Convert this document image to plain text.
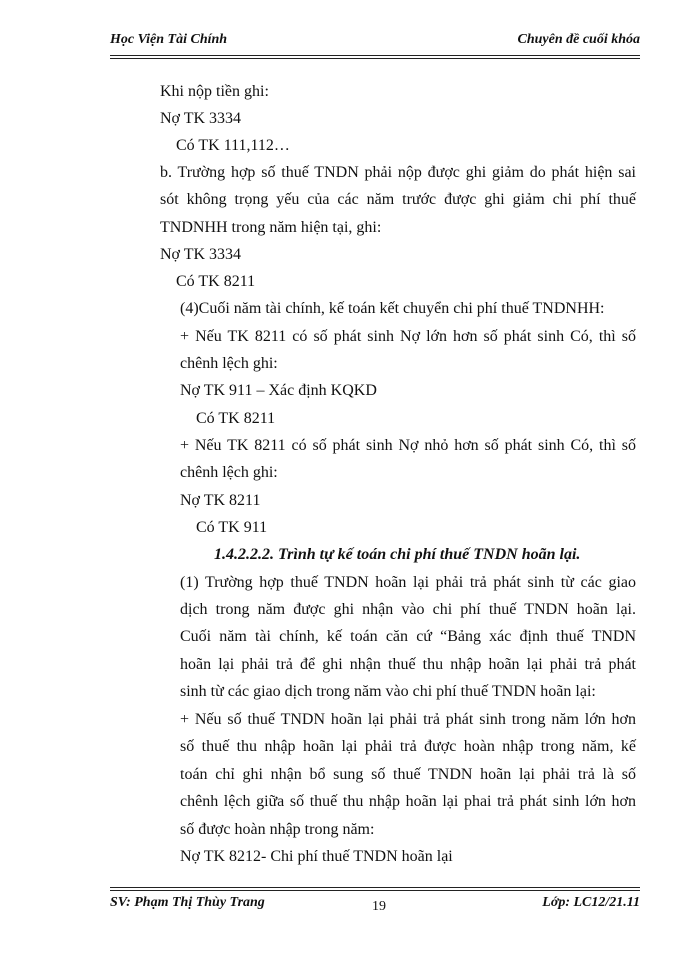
Học Viện Tài Chính	Chuyên đề cuối khóa
Khi nộp tiền ghi:
Nợ TK 3334
Có TK 111,112…
b. Trường hợp số thuế TNDN phải nộp được ghi giảm do phát hiện sai
sót không trọng yếu của các năm trước được ghi giảm chi phí thuế
TNDNHH trong năm hiện tại, ghi:
Nợ TK 3334
Có TK 8211
(4)Cuối năm tài chính, kế toán kết chuyển chi phí thuế TNDNHH:
+ Nếu TK 8211 có số phát sinh Nợ lớn hơn số phát sinh Có, thì số
chênh lệch ghi:
Nợ TK 911 – Xác định KQKD
Có TK 8211
+ Nếu TK 8211 có số phát sinh Nợ nhỏ hơn số phát sinh Có, thì số
chênh lệch ghi:
Nợ TK 8211
Có TK 911
1.4.2.2.2. Trình tự kế toán chi phí thuế TNDN hoãn lại.
(1) Trường hợp thuế TNDN hoãn lại phải trả phát sinh từ các giao
dịch trong năm được ghi nhận vào chi phí thuế TNDN hoãn lại.
Cuối năm tài chính, kế toán căn cứ “Bảng xác định thuế TNDN
hoãn lại phải trả để ghi nhận thuế thu nhập hoãn lại phải trả phát
sinh từ các giao dịch trong năm vào chi phí thuế TNDN hoãn lại:
+ Nếu số thuế TNDN hoãn lại phải trả phát sinh trong năm lớn hơn
số thuế thu nhập hoãn lại phải trả được hoàn nhập trong năm, kế
toán chỉ ghi nhận bổ sung số thuế TNDN hoãn lại phải trả là số
chênh lệch giữa số thuế thu nhập hoãn lại phai trả phát sinh lớn hơn
số được hoàn nhập trong năm:
Nợ TK 8212- Chi phí thuế TNDN hoãn lại
SV: Phạm Thị Thùy Trang	19	Lớp: LC12/21.11
